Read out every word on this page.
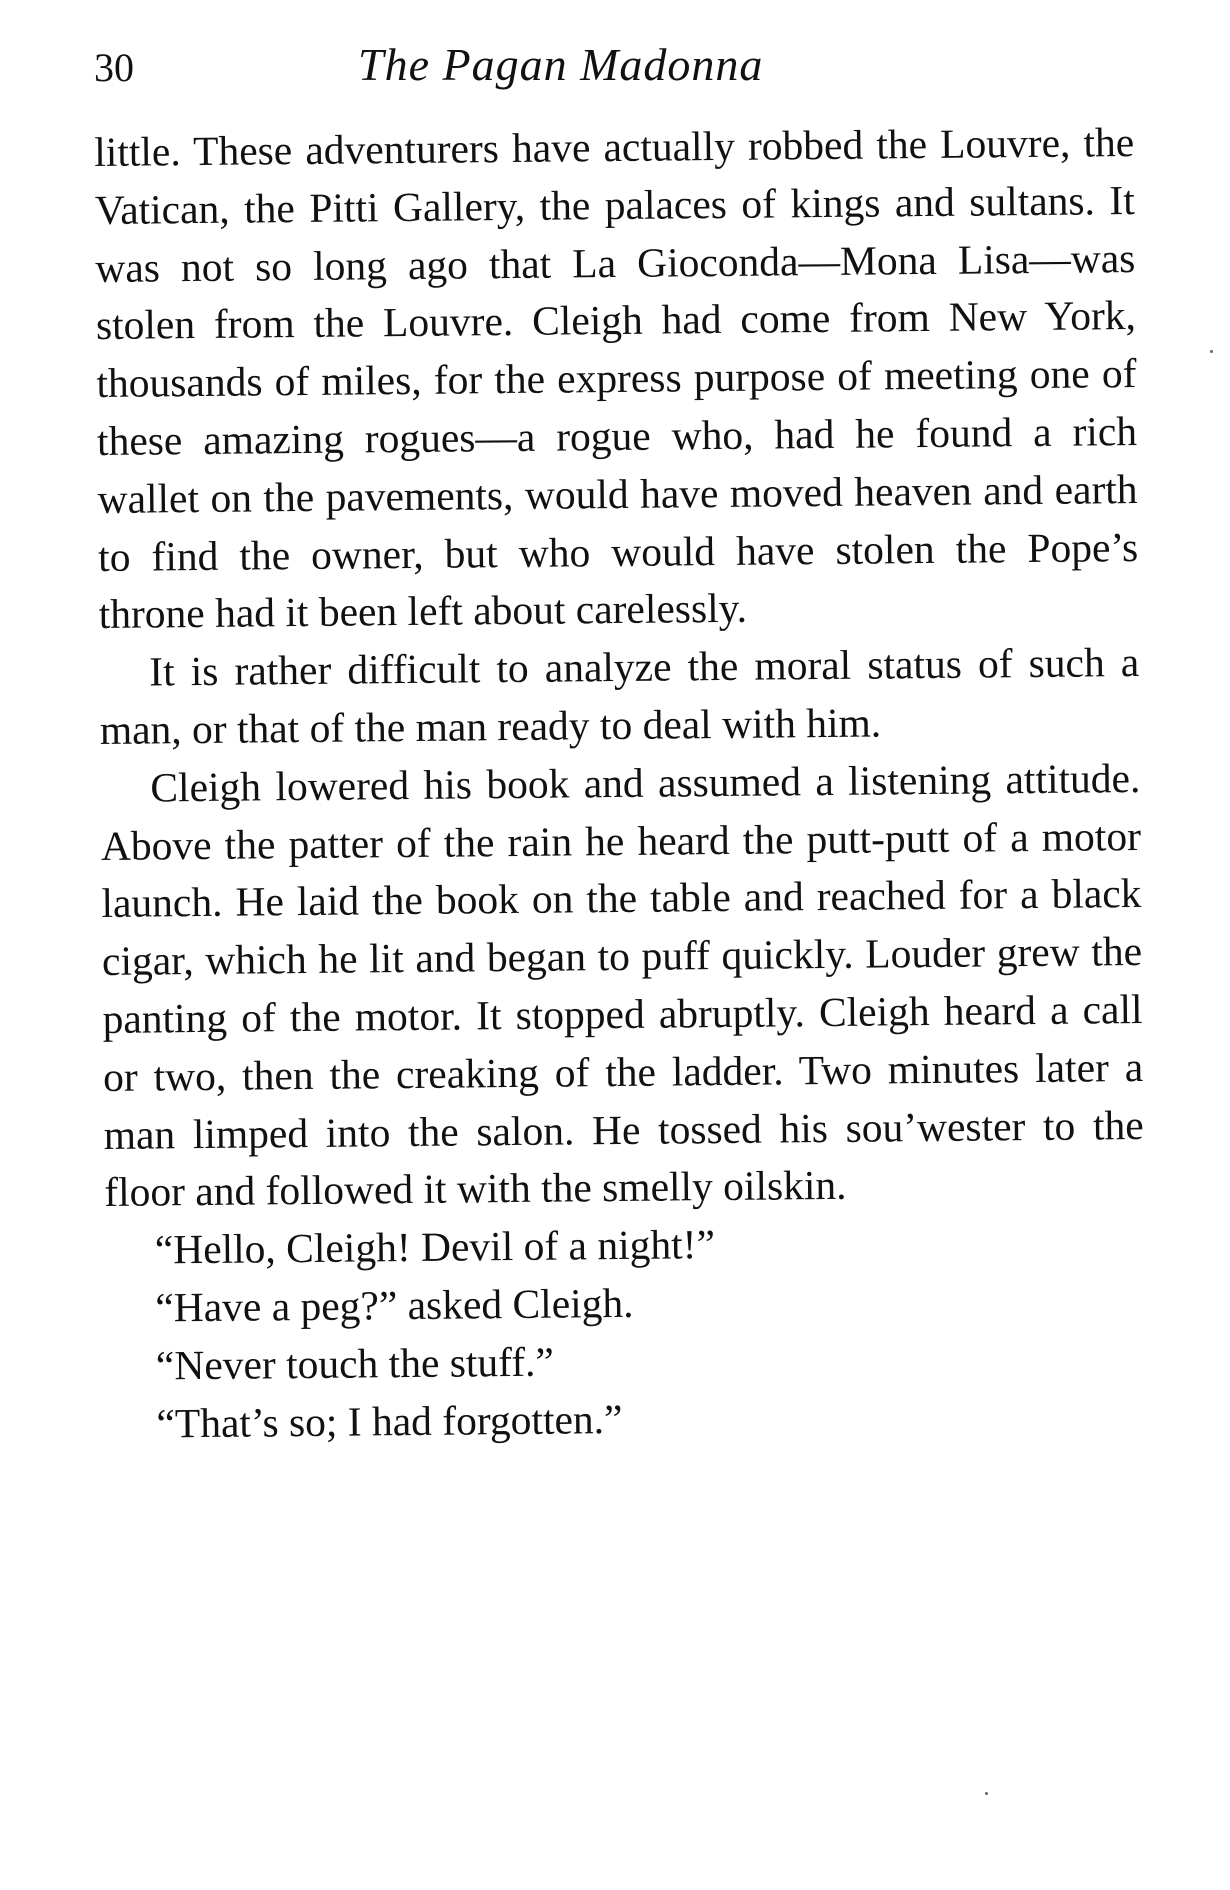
30	The Pagan Madonna

little. These adventurers have actually robbed the Louvre, the Vatican, the Pitti Gallery, the palaces of kings and sultans. It was not so long ago that La Gioconda—Mona Lisa—was stolen from the Louvre. Cleigh had come from New York, thousands of miles, for the express purpose of meeting one of these amazing rogues—a rogue who, had he found a rich wallet on the pavements, would have moved heaven and earth to find the owner, but who would have stolen the Pope’s throne had it been left about carelessly.

It is rather difficult to analyze the moral status of such a man, or that of the man ready to deal with him.

Cleigh lowered his book and assumed a listening attitude. Above the patter of the rain he heard the putt-putt of a motor launch. He laid the book on the table and reached for a black cigar, which he lit and began to puff quickly. Louder grew the panting of the motor. It stopped abruptly. Cleigh heard a call or two, then the creaking of the ladder. Two minutes later a man limped into the salon. He tossed his sou’wester to the floor and followed it with the smelly oilskin.

“Hello, Cleigh! Devil of a night!”

“Have a peg?” asked Cleigh.

“Never touch the stuff.”

“That’s so; I had forgotten.”
